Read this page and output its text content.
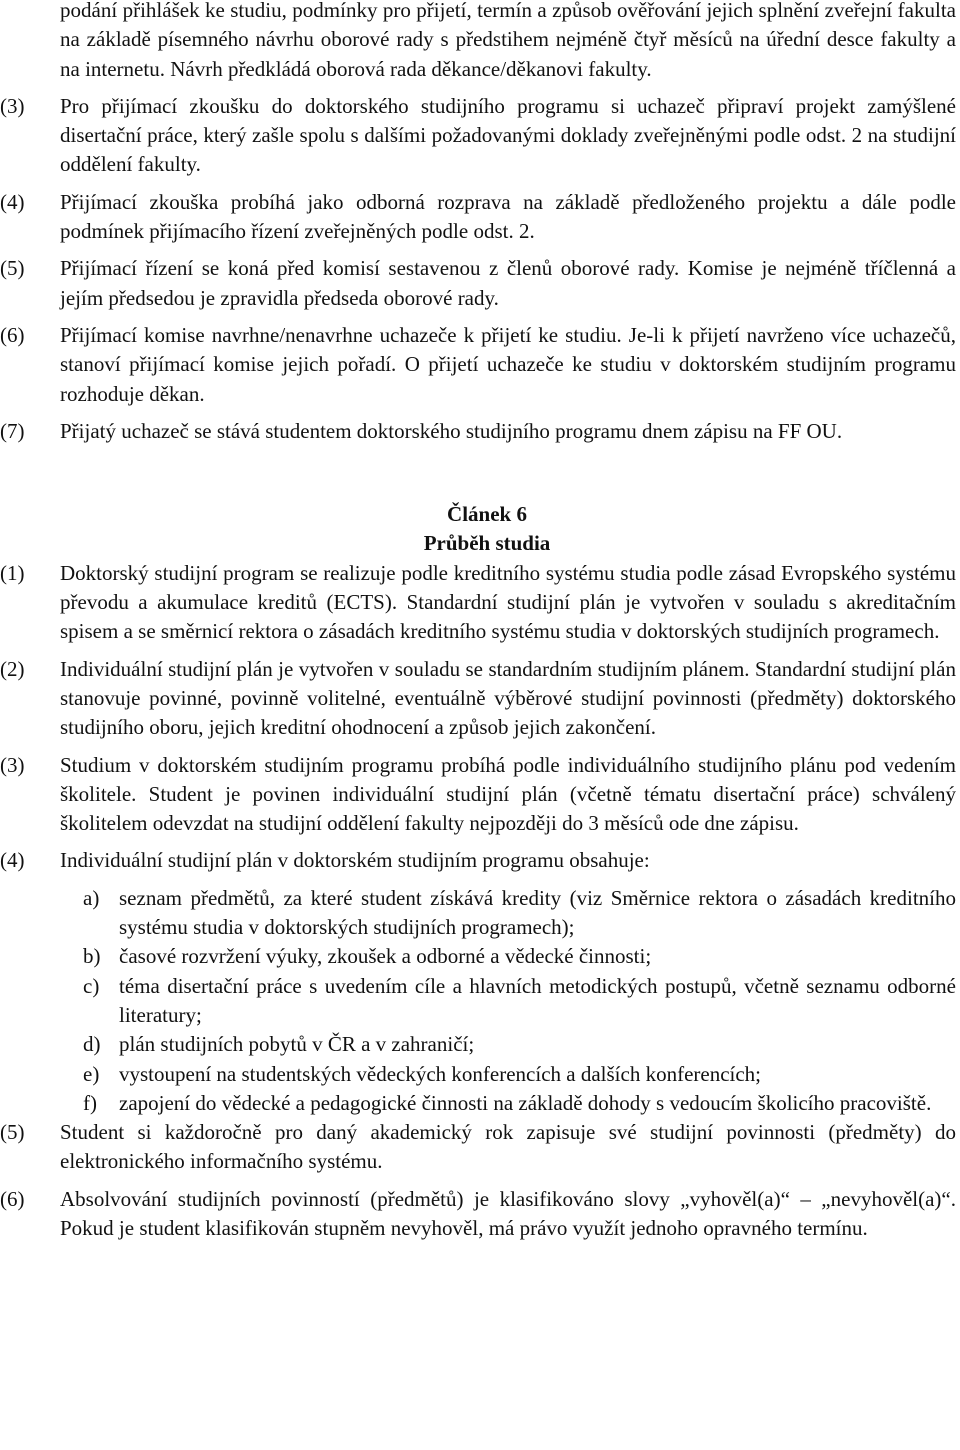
podání přihlášek ke studiu, podmínky pro přijetí, termín a způsob ověřování jejich splnění zveřejní fakulta na základě písemného návrhu oborové rady s předstihem nejméně čtyř měsíců na úřední desce fakulty a na internetu. Návrh předkládá oborová rada děkance/děkanovi fakulty.
(3)	Pro přijímací zkoušku do doktorského studijního programu si uchazeč připraví projekt zamýšlené disertační práce, který zašle spolu s dalšími požadovanými doklady zveřejněnými podle odst. 2 na studijní oddělení fakulty.
(4)	Přijímací zkouška probíhá jako odborná rozprava na základě předloženého projektu a dále podle podmínek přijímacího řízení zveřejněných podle odst. 2.
(5)	Přijímací řízení se koná před komisí sestavenou z členů oborové rady. Komise je nejméně tříčlenná a jejím předsedou je zpravidla předseda oborové rady.
(6)	Přijímací komise navrhne/nenavrhne uchazeče k přijetí ke studiu. Je-li k přijetí navrženo více uchazečů, stanoví přijímací komise jejich pořadí. O přijetí uchazeče ke studiu v doktorském studijním programu rozhoduje děkan.
(7)	Přijatý uchazeč se stává studentem doktorského studijního programu dnem zápisu na FF OU.
Článek 6
Průběh studia
(1)	Doktorský studijní program se realizuje podle kreditního systému studia podle zásad Evropského systému převodu a akumulace kreditů (ECTS). Standardní studijní plán je vytvořen v souladu s akreditačním spisem a se směrnicí rektora o zásadách kreditního systému studia v doktorských studijních programech.
(2)	Individuální studijní plán je vytvořen v souladu se standardním studijním plánem. Standardní studijní plán stanovuje povinné, povinně volitelné, eventuálně výběrové studijní povinnosti (předměty) doktorského studijního oboru, jejich kreditní ohodnocení a způsob jejich zakončení.
(3)	Studium v doktorském studijním programu probíhá podle individuálního studijního plánu pod vedením školitele. Student je povinen individuální studijní plán (včetně tématu disertační práce) schválený školitelem odevzdat na studijní oddělení fakulty nejpozději do 3 měsíců ode dne zápisu.
(4)	Individuální studijní plán v doktorském studijním programu obsahuje:
a) seznam předmětů, za které student získává kredity (viz Směrnice rektora o zásadách kreditního systému studia v doktorských studijních programech);
b) časové rozvržení výuky, zkoušek a odborné a vědecké činnosti;
c) téma disertační práce s uvedením cíle a hlavních metodických postupů, včetně seznamu odborné literatury;
d) plán studijních pobytů v ČR a v zahraničí;
e) vystoupení na studentských vědeckých konferencích a dalších konferencích;
f)	zapojení do vědecké a pedagogické činnosti na základě dohody s vedoucím školicího pracoviště.
(5)	Student si každoročně pro daný akademický rok zapisuje své studijní povinnosti (předměty) do elektronického informačního systému.
(6)	Absolvování studijních povinností (předmětů) je klasifikováno slovy „vyhověl(a)“ – „nevyhověl(a)“. Pokud je student klasifikován stupněm nevyhověl, má právo využít jednoho opravného termínu.
